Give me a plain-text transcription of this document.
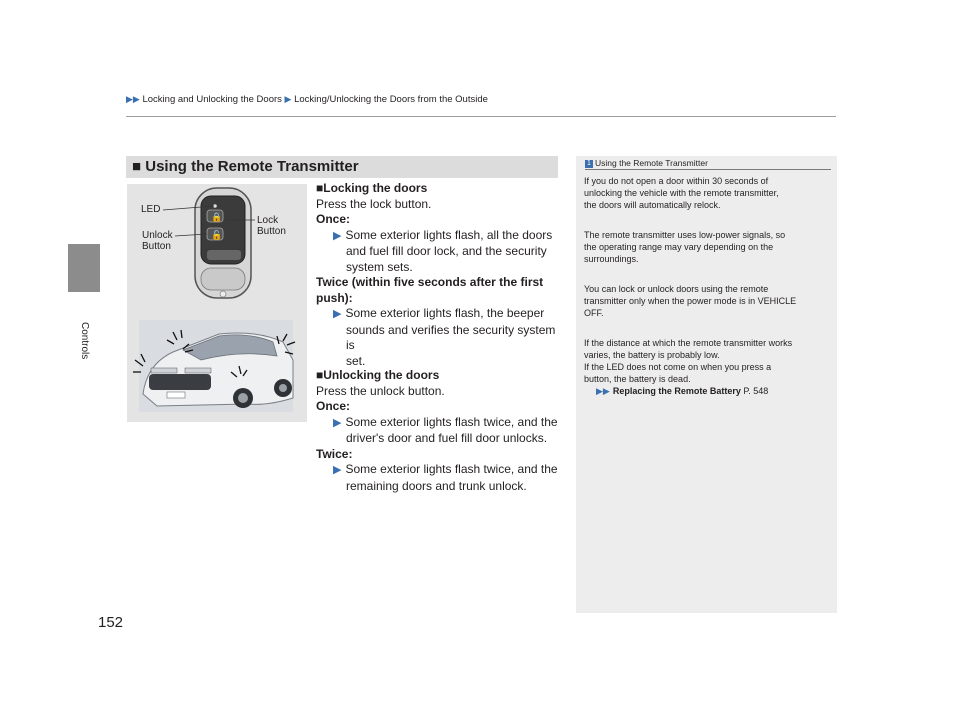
▶▶ Locking and Unlocking the Doors ▶ Locking/Unlocking the Doors from the Outside
Controls
152
■ Using the Remote Transmitter
🔒
🔓
LED
Lock
Button
Unlock
Button
■Locking the doors
Press the lock button.
Once:
▶ Some exterior lights flash, all the doors
and fuel fill door lock, and the security
system sets.
Twice (within five seconds after the first
push):
▶ Some exterior lights flash, the beeper
sounds and verifies the security system is
set.
■Unlocking the doors
Press the unlock button.
Once:
▶ Some exterior lights flash twice, and the
driver's door and fuel fill door unlocks.
Twice:
▶ Some exterior lights flash twice, and the
remaining doors and trunk unlock.
1 Using the Remote Transmitter
If you do not open a door within 30 seconds of
unlocking the vehicle with the remote transmitter,
the doors will automatically relock.
The remote transmitter uses low-power signals, so
the operating range may vary depending on the
surroundings.
You can lock or unlock doors using the remote
transmitter only when the power mode is in VEHICLE
OFF.
If the distance at which the remote transmitter works
varies, the battery is probably low.
If the LED does not come on when you press a
button, the battery is dead.
▶▶ Replacing the Remote Battery P. 548
